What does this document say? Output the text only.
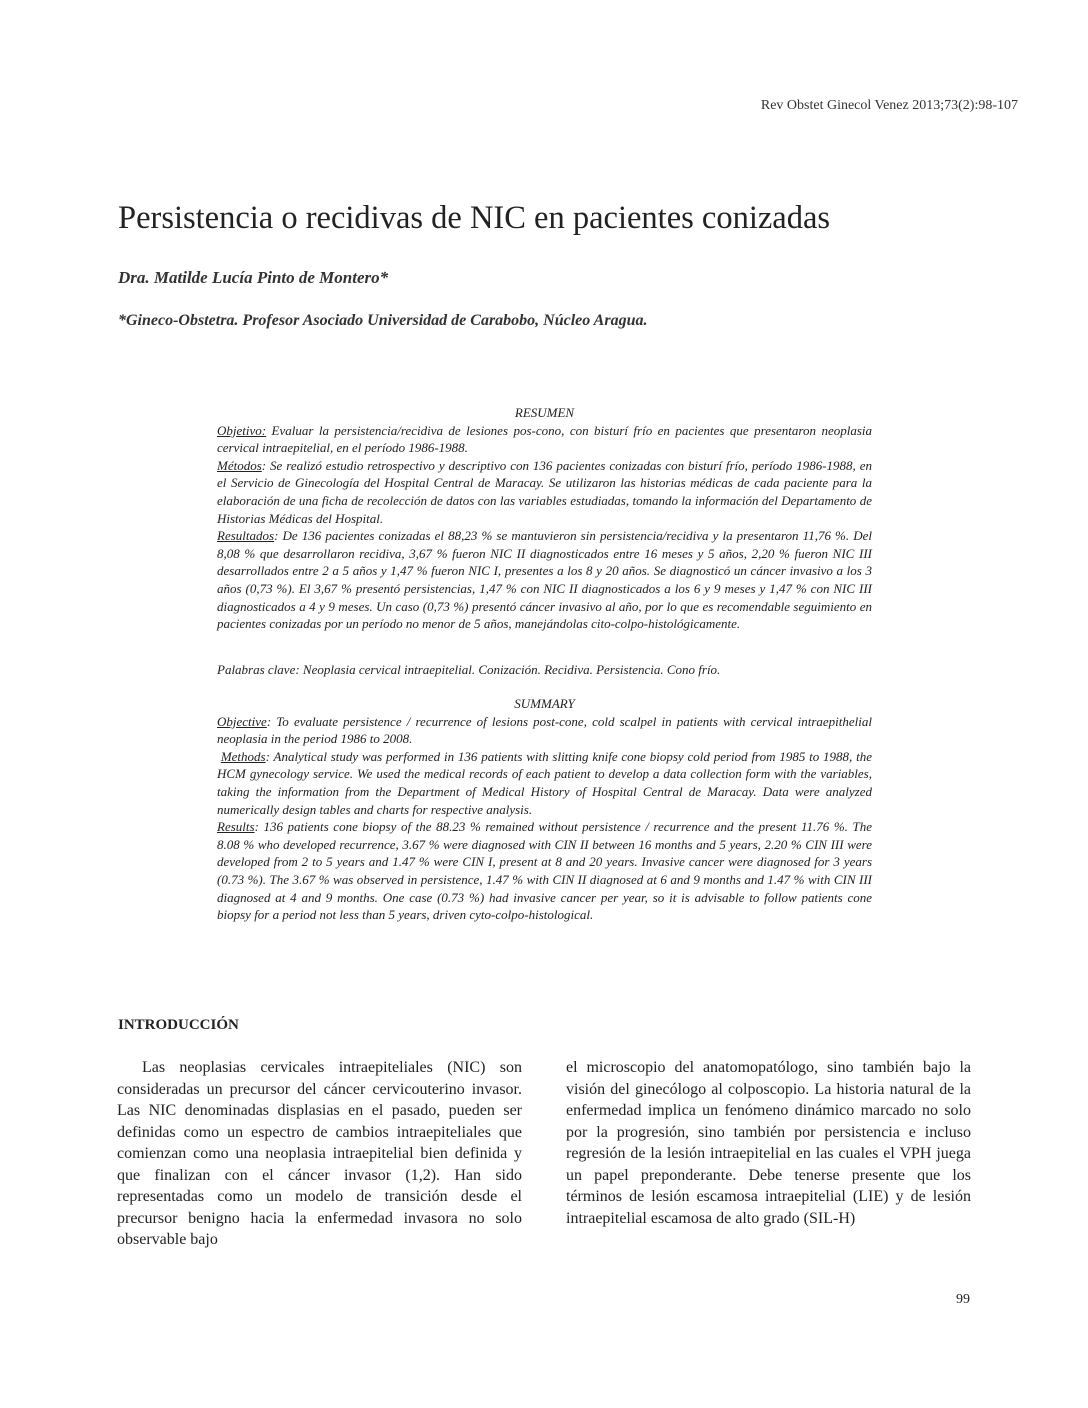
Rev Obstet Ginecol Venez 2013;73(2):98-107
Persistencia o recidivas de NIC en pacientes conizadas
Dra. Matilde Lucía Pinto de Montero*
*Gineco-Obstetra. Profesor Asociado Universidad de Carabobo, Núcleo Aragua.

RESUMEN

Objetivo: Evaluar la persistencia/recidiva de lesiones pos-cono, con bisturí frío en pacientes que presentaron neoplasia cervical intraepitelial, en el período 1986-1988.

Métodos: Se realizó estudio retrospectivo y descriptivo con 136 pacientes conizadas con bisturí frío, período 1986-1988, en el Servicio de Ginecología del Hospital Central de Maracay. Se utilizaron las historias médicas de cada paciente para la elaboración de una ficha de recolección de datos con las variables estudiadas, tomando la información del Departamento de Historias Médicas del Hospital.

Resultados: De 136 pacientes conizadas el 88,23 % se mantuvieron sin persistencia/recidiva y la presentaron 11,76 %. Del 8,08 % que desarrollaron recidiva, 3,67 % fueron NIC II diagnosticados entre 16 meses y 5 años, 2,20 % fueron NIC III desarrollados entre 2 a 5 años y 1,47 % fueron NIC I, presentes a los 8 y 20 años. Se diagnosticó un cáncer invasivo a los 3 años (0,73 %). El 3,67 % presentó persistencias, 1,47 % con NIC II diagnosticados a los 6 y 9 meses y 1,47 % con NIC III diagnosticados a 4 y 9 meses. Un caso (0,73 %) presentó cáncer invasivo al año, por lo que es recomendable seguimiento en pacientes conizadas por un período no menor de 5 años, manejándolas cito-colpo-histológicamente.

Palabras clave: Neoplasia cervical intraepitelial. Conización. Recidiva. Persistencia. Cono frío.

SUMMARY

Objective: To evaluate persistence / recurrence of lesions post-cone, cold scalpel in patients with cervical intraepithelial neoplasia in the period 1986 to 2008.

Methods: Analytical study was performed in 136 patients with slitting knife cone biopsy cold period from 1985 to 1988, the HCM gynecology service. We used the medical records of each patient to develop a data collection form with the variables, taking the information from the Department of Medical History of Hospital Central de Maracay. Data were analyzed numerically design tables and charts for respective analysis.

Results: 136 patients cone biopsy of the 88.23 % remained without persistence / recurrence and the present 11.76 %. The 8.08 % who developed recurrence, 3.67 % were diagnosed with CIN II between 16 months and 5 years, 2.20 % CIN III were developed from 2 to 5 years and 1.47 % were CIN I, present at 8 and 20 years. Invasive cancer were diagnosed for 3 years (0.73 %). The 3.67 % was observed in persistence, 1.47 % with CIN II diagnosed at 6 and 9 months and 1.47 % with CIN III diagnosed at 4 and 9 months. One case (0.73 %) had invasive cancer per year, so it is advisable to follow patients cone biopsy for a period not less than 5 years, driven cyto-colpo-histological.

INTRODUCCIÓN

Las neoplasias cervicales intraepiteliales (NIC) son consideradas un precursor del cáncer cervicouterino invasor. Las NIC denominadas displasias en el pasado, pueden ser definidas como un espectro de cambios intraepiteliales que comienzan como una neoplasia intraepitelial bien definida y que finalizan con el cáncer invasor (1,2). Han sido representadas como un modelo de transición desde el precursor benigno hacia la enfermedad invasora no solo observable bajo

el microscopio del anatomopatólogo, sino también bajo la visión del ginecólogo al colposcopio. La historia natural de la enfermedad implica un fenómeno dinámico marcado no solo por la progresión, sino también por persistencia e incluso regresión de la lesión intraepitelial en las cuales el VPH juega un papel preponderante. Debe tenerse presente que los términos de lesión escamosa intraepitelial (LIE) y de lesión intraepitelial escamosa de alto grado (SIL-H)

99
